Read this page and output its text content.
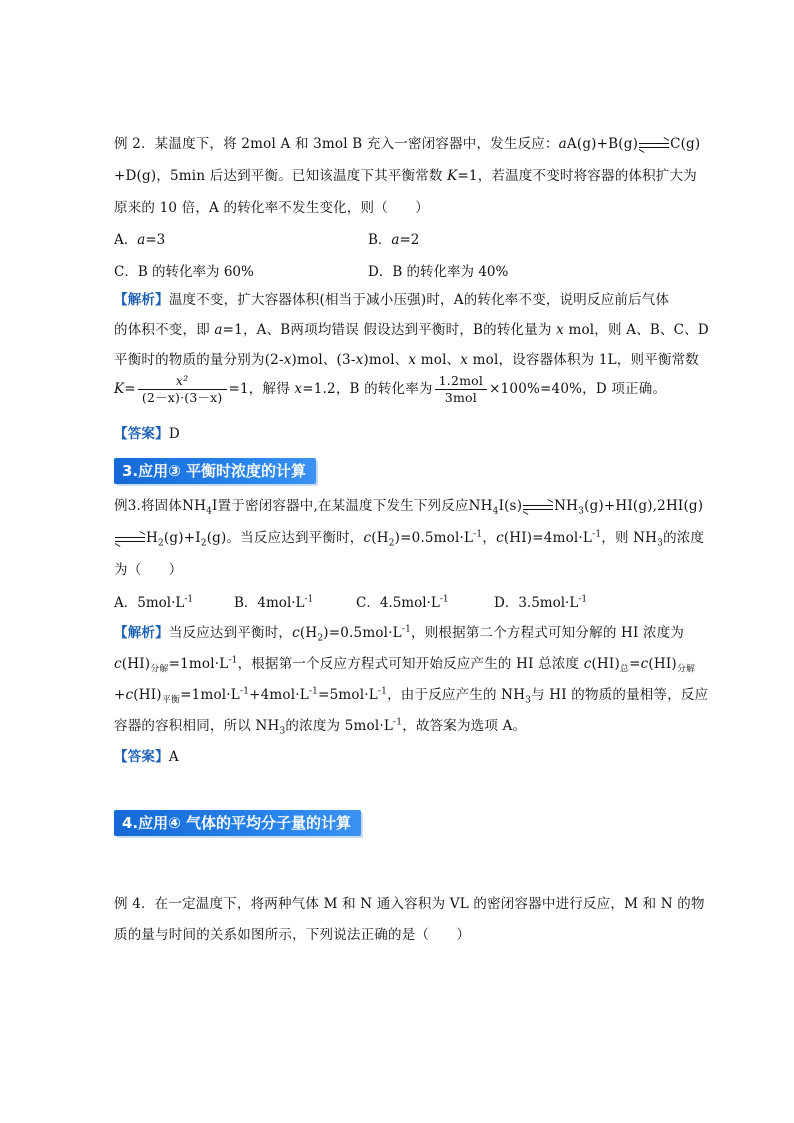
例 2．某温度下，将 2mol A 和 3mol B 充入一密闭容器中，发生反应：aA(g)+B(g) C(g)
+D(g)，5min 后达到平衡。已知该温度下其平衡常数 K=1，若温度不变时将容器的体积扩大为
原来的 10 倍，A 的转化率不发生变化，则（　　）
A．a=3	B．a=2
C．B 的转化率为 60%	D．B 的转化率为 40%
【解析】温度不变，扩大容器体积(相当于减小压强)时，A的转化率不变，说明反应前后气体
的体积不变，即 a=1，A、B两项均错误 假设达到平衡时，B的转化量为 x mol，则 A、B、C、D
平衡时的物质的量分别为(2-x)mol、(3-x)mol、x mol、x mol，设容器体积为 1L，则平衡常数
$K= \frac{\text{x²}}{(2-x)\cdot(3-x)} =1$，解得 x=1.2，B 的转化率为 $\frac{\text{1.2mol}}{\text{3mol}} \times 100\%=40\%$，D 项正确。
【答案】D
3.应用③ 平衡时浓度的计算
例3.将固体$NH_4I$置于密闭容器中,在某温度下发生下列反应$NH_4I(s)$ $NH_3(g)+HI(g),2HI(g)$
$H_2(g)+I_2(g)$。当反应达到平衡时，$c(H_2)=0.5mol\cdot L^{-1}$，$c(HI)=4mol\cdot L^{-1}$，则 $NH_3$的浓度
为（　　）
A．$5mol\cdot L^{-1}$	B．$4mol\cdot L^{-1}$	C．$4.5mol\cdot L^{-1}$	D．$3.5mol\cdot L^{-1}$
【解析】当反应达到平衡时，$c(H_2)=0.5mol\cdot L^{-1}$，则根据第二个方程式可知分解的 HI 浓度为
$c(HI)_{分解}=1mol\cdot L^{-1}$，根据第一个反应方程式可知开始反应产生的 HI 总浓度 $c(HI)_总=c(HI)_{分解}$
$+c(HI)_{平衡}=1mol\cdot L^{-1}+4mol\cdot L^{-1}=5mol\cdot L^{-1}$，由于反应产生的 $NH_3$与 HI 的物质的量相等，反应
容器的容积相同，所以 $NH_3$的浓度为 $5mol\cdot L^{-1}$，故答案为选项 A。
【答案】A
4.应用④ 气体的平均分子量的计算
例 4．在一定温度下，将两种气体 M 和 N 通入容积为 VL 的密闭容器中进行反应，M 和 N 的物
质的量与时间的关系如图所示，下列说法正确的是（　　）
